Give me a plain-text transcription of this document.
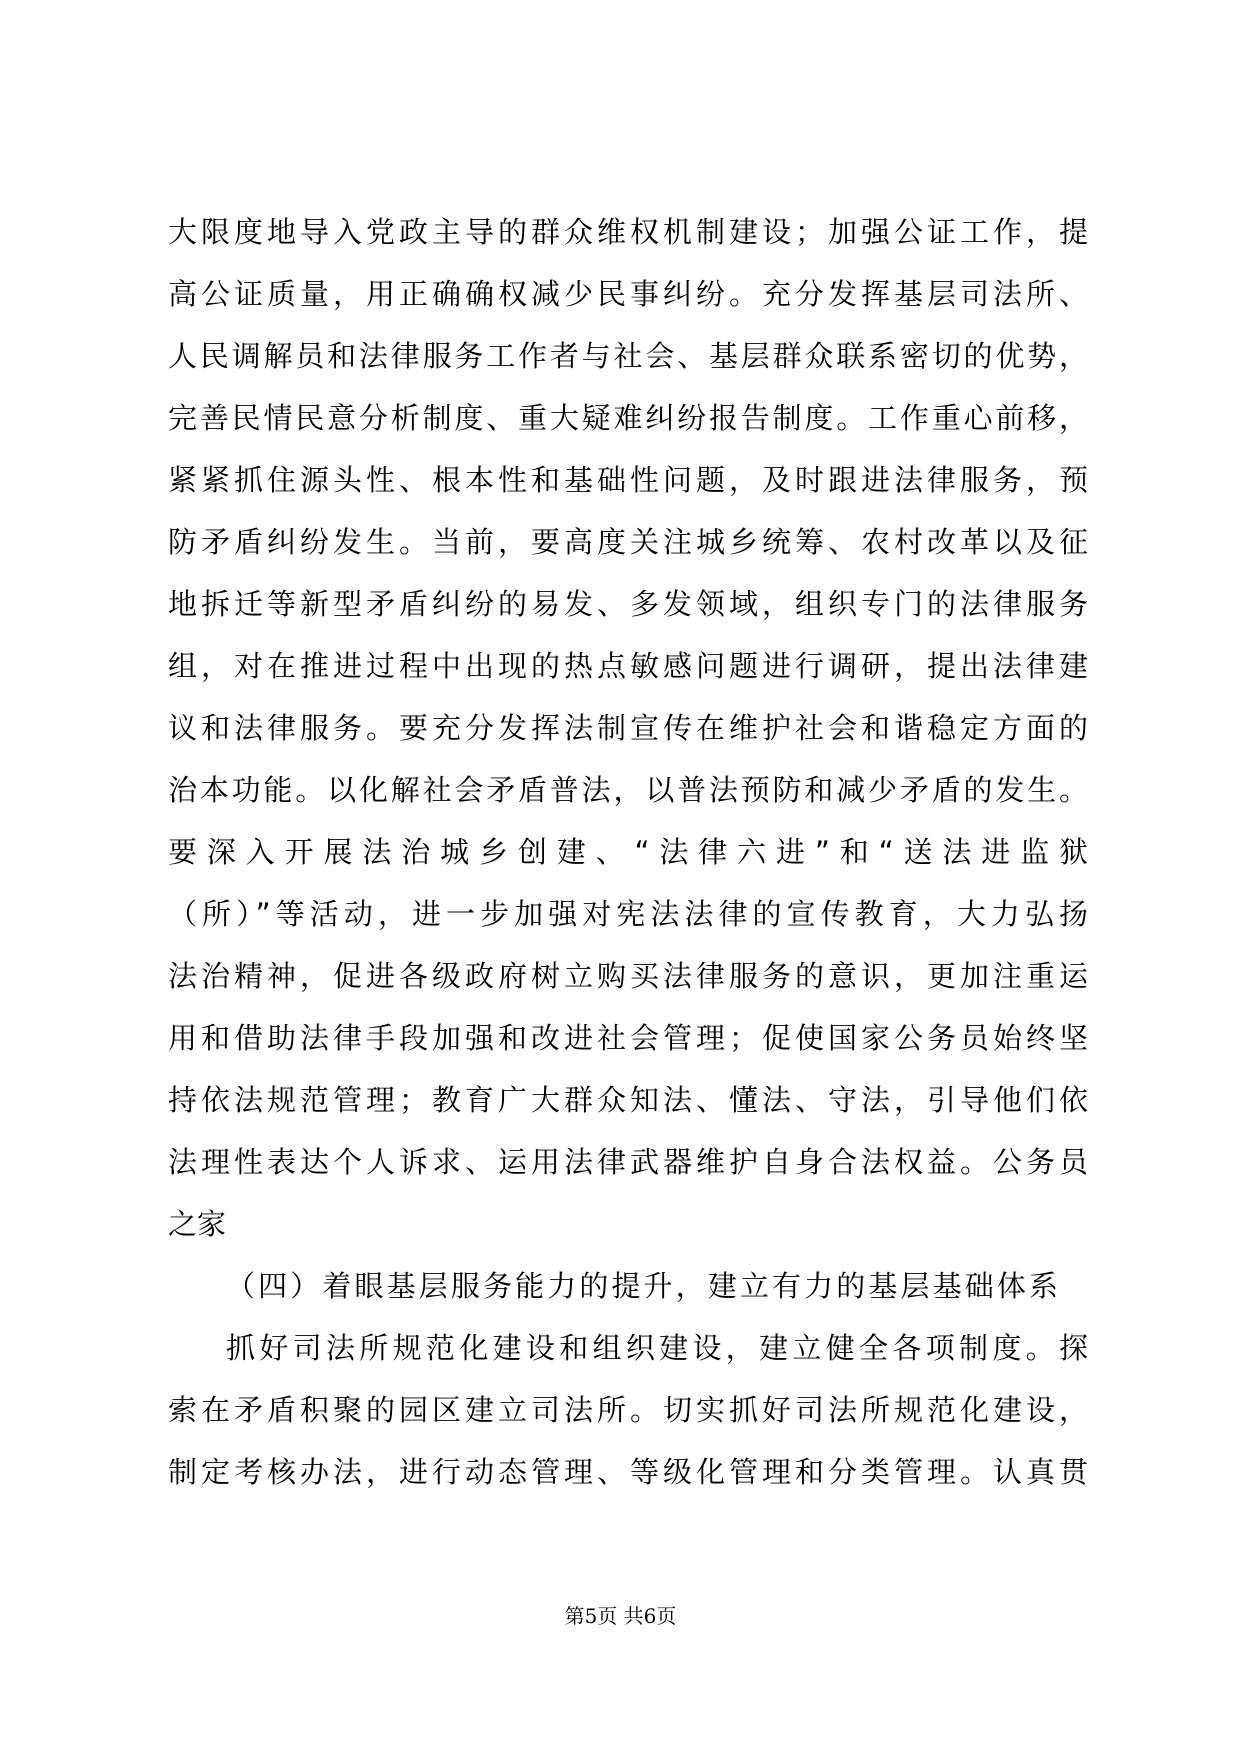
大限度地导入党政主导的群众维权机制建设；加强公证工作，提
高公证质量，用正确确权减少民事纠纷。充分发挥基层司法所、
人民调解员和法律服务工作者与社会、基层群众联系密切的优势，
完善民情民意分析制度、重大疑难纠纷报告制度。工作重心前移，
紧紧抓住源头性、根本性和基础性问题，及时跟进法律服务，预
防矛盾纠纷发生。当前，要高度关注城乡统筹、农村改革以及征
地拆迁等新型矛盾纠纷的易发、多发领域，组织专门的法律服务
组，对在推进过程中出现的热点敏感问题进行调研，提出法律建
议和法律服务。要充分发挥法制宣传在维护社会和谐稳定方面的
治本功能。以化解社会矛盾普法，以普法预防和减少矛盾的发生。
要深入开展法治城乡创建、“法律六进”和“送法进监狱
（所）”等活动，进一步加强对宪法法律的宣传教育，大力弘扬
法治精神，促进各级政府树立购买法律服务的意识，更加注重运
用和借助法律手段加强和改进社会管理；促使国家公务员始终坚
持依法规范管理；教育广大群众知法、懂法、守法，引导他们依
法理性表达个人诉求、运用法律武器维护自身合法权益。公务员
之家
（四）着眼基层服务能力的提升，建立有力的基层基础体系
抓好司法所规范化建设和组织建设，建立健全各项制度。探
索在矛盾积聚的园区建立司法所。切实抓好司法所规范化建设，
制定考核办法，进行动态管理、等级化管理和分类管理。认真贯
第5页 共6页
